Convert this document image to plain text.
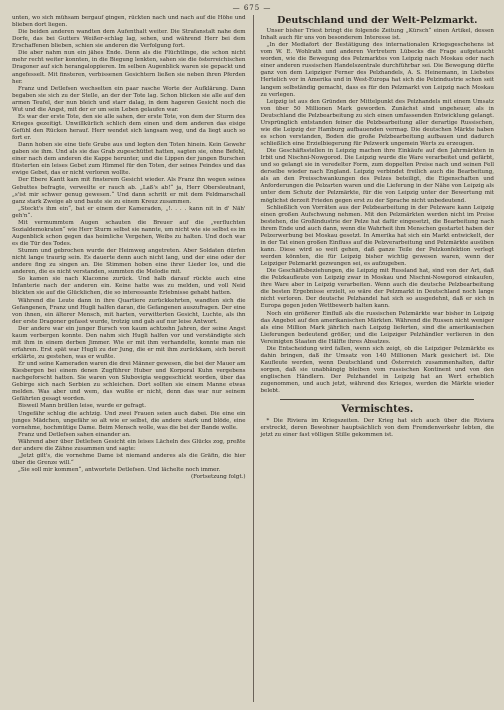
— 675 —

unten, wo sich mühsam bergauf gingen, rückten nach und nach auf die Höhe und blieben dort liegen.

Die beiden anderen wandten dem Aufenthalt weiter. Die Strafanstalt nahe dem Dorfe, das bei Gutters Weißer-schlag lag, sehen, und während Herr bei dem Erschaffenen blieben, schien sie anderen die Verfolgung fort.

Die aber nahm nun ein jähes Ende. Denn als die Flüchtlinge, die schon nicht mehr recht weiter konnten, in die Biegung lenkten, sahen sie die österreichischen Dragoner auf sich herangaloppieren. Im selben Augenblick waren sie gepackt und angefesselt. Mit finsteren, verbissenen Gesichtern ließen sie neben ihren Pferden her.

Franz und Detlefsen wechselten ein paar rasche Worte der Aufklärung. Dann begaben sie sich zu der Stelle, an der der Tote lag. Schon blicken sie alle auf den armen Teufel, der nun bleich und starr dalag, in dem hageren Gesicht noch die Wut und die Angst, mit der er um sein Leben gelaufen war.

Es war der erste Tote, den sie alle sahen, der erste Tote, von dem der Sturm des Krieges gezeitigt. Unwillkürlich schlich dem einen und dem anderen das eisige Gefühl den Rücken herauf. Herr wendet sich langsam weg, und da liegt auch so fort er.

Dann hoben sie eine tiefe Grube aus und legten den Toten hinein. Kein Gewehr gaben sie ihm. Und als sie das Grab zugeschüttet hatten, sagten sie, ohne Befehl, einer nach dem anderen die Kappe herunter, und die Lippen der jungen Burschen flüsterten ein leises Gebet zum Himmel für den Toten, der seines Feindes und das ewige Gebet, das er nicht verloren wollte.

Der Ebere Kantt kam mit finsterem Gesicht wieder. Als Franz ihn wegen seines Gebuttes befragte, verweilte er rauch ab. „Laß's ab!“ ja, Herr Obersleutnant, „s'ist mir schwer genug gewesen.“ Und dann schritt er mit dem Feldmarschall ganz stark Zweige ab und baute sie zu einem Kreuz zusammen.

„Steckt's ihm ein“, bat er einem der Kameraden, „!. . . . kann nit in d' Näh' geh'n“.

Mit vermummtem Augen schauten die Breuer auf die „verfluchten Sozialdemokraten“ wie Herr Sturm selbst sie nannte, um nicht wie sie selbst es im Augenblick schon gegen das heimliche Vergehen, Weibs zu halten. Und doch war es die Tür des Todes.

Stumm und gebrochen wurde der Heimweg angetreten. Aber Soldaten dürfen nicht lange traurig sein. Es dauerte denn auch nicht lang, und der eine oder der andere fing zu singen an. Die Stimmen hoben eine ihrer Lieder los, und die anderen, die es nicht verstanden, summten die Melodie mit.

So kamen sie nach Klaconne zurück. Und halb darauf rückte auch eine Infanterie nach der anderen ein. Keine hatte was zu melden, und voll Neid blickten sie auf die Glücklichen, die so interessante Erlebnisse gehabt hatten.

Während die Leute dann in ihre Quartiere zurückkehrten, wandten sich die Gefangenen, Franz und Hugli halfen daran, die Gefangenen auszufragen. Der eine von ihnen, ein älterer Mensch, mit harten, verwitterten Gesicht, Luchte, als ihn der erste Dragoner gefasst wurde, trotzig und gab auf nur leise Antwort.

Der andere war ein junger Bursch von kaum achtzehn Jahren, der seine Angst kaum verbergen konnte. Den nahm sich Hugli halfen vor und verständigte sich mit ihm in einem derben Jimmer. Wie er mit ihm verhandelte, konnte man nie erfahren. Erst spät war Hugli zu der Jung, die er mit ihm zurückkam, sich bereit erklärte, zu gestehen, was er wußte.

Er und seine Kameraden waren die drei Männer gewesen, die bei der Mauer am Kiesbergen bei einem denen Zugführer Huber und Korporal Kuhn vergebens nachgeforscht hatten. Sie waren von Slubovigia weggeschickt worden, über das Gebirge sich nach Serbien zu schleichen. Dort sollten sie einem Manne etwas melden. Was aber und wem, das wußte er nicht, denn das war nur seinem Gefährten gesagt worden.

Bisweil Mann brüllen leise, wurde er gefragt.

Ungefähr schlug die achtzig. Und zwei Frauen seien auch dabei. Die eine ein junges Mädchen, ungefähr so alt wie er selbst, die andere stark und blöde, eine vornehme, hochmütige Dame. Beim Mensch wolle, was die bei der Bande wolle.

Franz und Detlefsen sahen einander an.

Während aber über Detlefsen Gesicht ein leises Lächeln des Glücks zog, preßte der andere die Zähne zusammen und sagte:

„Jetzt gilt's, die vornehme Dame ist niemand anderes als die Gräfin, die hier über die Grenze will.“

„Sie soll mir kommen“, antwortete Detlefsen. Und lächelte noch immer.

(Fortsetzung folgt.)

Deutschland und der Welt-Pelzmarkt.

Unser bisher Triest bringt die folgende Zeitung „Kürsch“ einen Artikel, dessen Inhalt auch für uns von besonderem Interesse ist.

„In der Mediafort der Bestätigung des internationalen Kriegsgeschehens ist vom W. E. Wohlrath und anderen Vertretern Lübecks die Frage aufgetaucht worden, wie die Bewegung des Pelzmarktes von Leipzig nach Moskau oder nach einer anderen russischen Handelszentrale durchführbar sei. Die Bewegung dürfte ganz von dem Leipziger Ferner des Pelzhandels, A. S. Heinemann, in Liebstes Hertelich vor in Amerika und in West-Europa hat sich die Pelzindustrie schon seit langem selbständig gemacht, dass es für den Pelzmarkt von Leipzig nach Moskau zu verlegen.

Leipzig ist aus den Gründen der Mittelpunkt des Pelzhandels mit einem Umsatz von über 50 Millionen Mark geworden. Zunächst sind ungeheuer, als in Deutschland die Pelzbearbeitung zu sich einen umfassenden Entwicklung gelangt. Ursprünglich entstanden feiner die Pelzbearbeitung aller derartige Russischen, wie die Leipzig der Hamburg aufbauenden vermag. Die deutschen Märkte haben es schon verstanden, Boden die große Pelzbearbeitung aufbauen und dadurch schließlich eine Erzielbiegerung für Pelzwerk ungemein Werts zu erzeugen.

Die Geschäftsstellen in Leipzig machen ihre Einkäufe auf den Jahrmärkten in Irbit und Nischni-Nowgorod. Die Leipzig wurde die Ware verarbeitet und gefärbt, und so gelangt sie in veredelter Form, zum doppelten Preise nach und seinen Fell derselbe wieder nach England. Leipzig verbindet freilich auch die Bearbeitung, als an den Preisschwankungen des Pelzes beteiligt, die Eigenschaften und Anforderungen die Pelzarten waren und die Lieferung in der Nähe von Leipzig als unter dem Schutz der Pelzmärkte, für die von Leipzig unter der Bewertung mit möglichst derzeit Frieden gegen erst zu der Sprache nicht unbedeutend.

Schließlich von Vorräten aus der Pelzbearbeitung in der Pelzware kann Leipzig einen großen Aufschwung nehmen. Mit den Pelzmärkten werden nicht im Preise bestehen, die Großindustrie der Pelze hat dafür eingesetzt, die Bearbeitung nach ihrem Ende und auch dann, wenn die Wahrheit ihm Menschen gestartet haben der Pelzerwerbung bei Moskau gesetzt. In Amerika hat sich ein Markt entwickelt, der in der Tat einen großen Einfluss auf die Pelzverarbeitung und Pelzmärkte ausüben kann. Diese wird so weit gehen, daß ganze Teile der Pelzkonfektion verlegt werden könnten, die für Leipzig bisher wichtig gewesen waren, wenn der Leipziger Pelzmarkt gezwungen sei, es aufzugeben.

Die Geschäftsbeziehungen, die Leipzig mit Russland hat, sind von der Art, daß die Pelzkaufleute von Leipzig zwar in Moskau und Nischni-Nowgorod einkaufen, ihre Ware aber in Leipzig verarbeiten. Wenn auch die deutsche Pelzbearbeitung die besten Ergebnisse erzielt, so wäre der Pelzmarkt in Deutschland noch lange nicht verloren. Der deutsche Pelzhandel hat sich so ausgedehnt, daß er sich in Europa gegen jeden Wettbewerb halten kann.

Noch ein größerer Einfluß als die russischen Pelzmärkte war bisher in Leipzig das Angebot auf den amerikanischen Märkten. Während die Russen nicht weniger als eine Million Mark jährlich nach Leipzig lieferten, sind die amerikanischen Lieferungen bedeutend größer, und die Leipziger Pelzhändler verlieren in den Vereinigten Staaten die Hälfte ihres Absatzes.

Die Entscheidung wird fallen, wenn sich zeigt, ob die Leipziger Pelzmärkte es dahin bringen, daß ihr Umsatz von 140 Millionen Mark gesichert ist. Die Kaufleute werden, wenn Deutschland und Österreich zusammenhalten, dafür sorgen, daß sie unabhängig bleiben vom russischen Kontinent und von den englischen Händlern. Der Pelzhandel in Leipzig hat an Wert erheblich zugenommen, und auch jetzt, während des Krieges, werden die Märkte wieder belebt.

Vermischtes.

* Die Riviera im Kriegszeiten. Der Krieg hat sich auch über die Riviera erstreckt, deren Bewohner hauptsächlich von dem Fremdenverkehr lebten, die jetzt zu einer fast völligen Stille gekommen ist.
